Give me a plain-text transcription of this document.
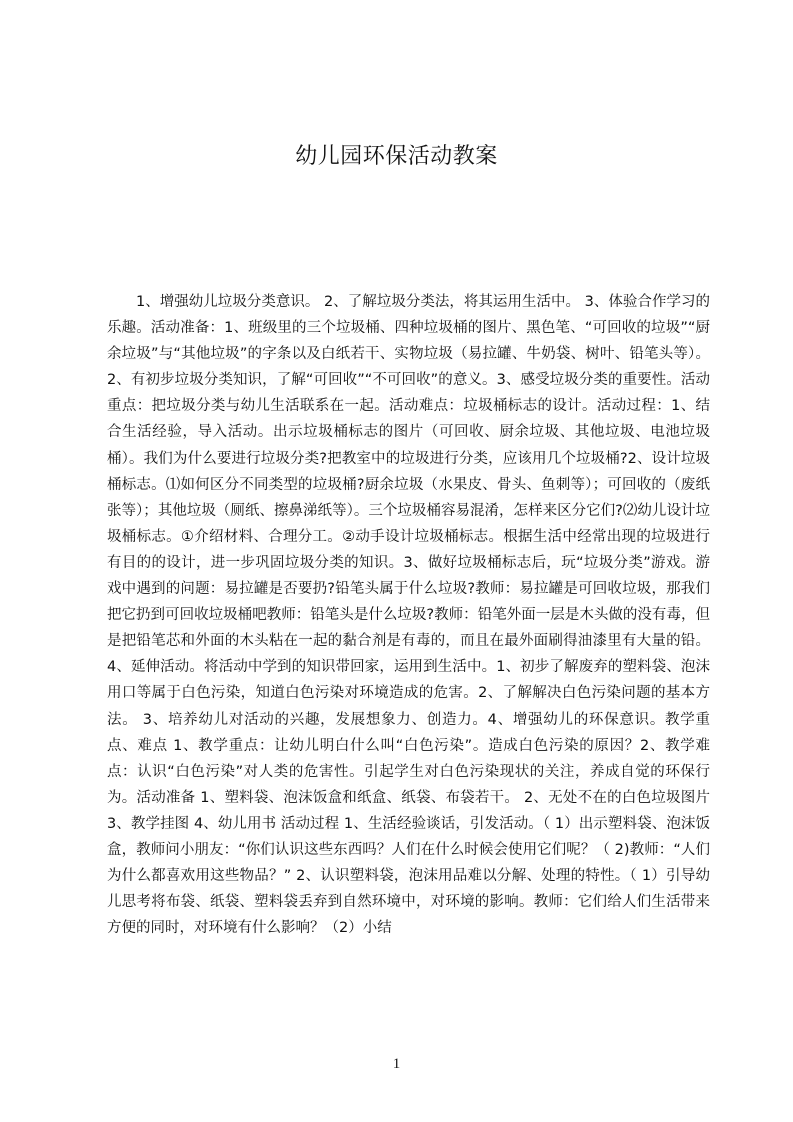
幼儿园环保活动教案
1、增强幼儿垃圾分类意识。 2、了解垃圾分类法，将其运用生活中。 3、体验合作学习的乐趣。活动准备：1、班级里的三个垃圾桶、四种垃圾桶的图片、黑色笔、“可回收的垃圾”“厨余垃圾”与“其他垃圾”的字条以及白纸若干、实物垃圾（易拉罐、牛奶袋、树叶、铅笔头等）。2、有初步垃圾分类知识，了解“可回收”“不可回收”的意义。3、感受垃圾分类的重要性。活动重点：把垃圾分类与幼儿生活联系在一起。活动难点：垃圾桶标志的设计。活动过程：1、结合生活经验，导入活动。出示垃圾桶标志的图片（可回收、厨余垃圾、其他垃圾、电池垃圾桶）。我们为什么要进行垃圾分类?把教室中的垃圾进行分类，应该用几个垃圾桶?2、设计垃圾桶标志。⑴如何区分不同类型的垃圾桶?厨余垃圾（水果皮、骨头、鱼刺等）；可回收的（废纸张等）；其他垃圾（厕纸、擦鼻涕纸等）。三个垃圾桶容易混淆，怎样来区分它们?⑵幼儿设计垃圾桶标志。①介绍材料、合理分工。②动手设计垃圾桶标志。根据生活中经常出现的垃圾进行有目的的设计，进一步巩固垃圾分类的知识。3、做好垃圾桶标志后，玩“垃圾分类”游戏。游戏中遇到的问题：易拉罐是否要扔?铅笔头属于什么垃圾?教师：易拉罐是可回收垃圾，那我们把它扔到可回收垃圾桶吧教师：铅笔头是什么垃圾?教师：铅笔外面一层是木头做的没有毒，但是把铅笔芯和外面的木头粘在一起的黏合剂是有毒的，而且在最外面刷得油漆里有大量的铅。4、延伸活动。将活动中学到的知识带回家，运用到生活中。1、初步了解废弃的塑料袋、泡沫用口等属于白色污染，知道白色污染对环境造成的危害。2、了解解决白色污染问题的基本方法。 3、培养幼儿对活动的兴趣，发展想象力、创造力。4、增强幼儿的环保意识。教学重点、难点 1、教学重点：让幼儿明白什么叫“白色污染”。造成白色污染的原因？2、教学难点：认识“白色污染”对人类的危害性。引起学生对白色污染现状的关注，养成自觉的环保行为。活动准备 1、塑料袋、泡沫饭盒和纸盒、纸袋、布袋若干。 2、无处不在的白色垃圾图片 3、教学挂图 4、幼儿用书 活动过程 1、生活经验谈话，引发活动。（ 1）出示塑料袋、泡沫饭盒，教师问小朋友：“你们认识这些东西吗？人们在什么时候会使用它们呢？（ 2)教师：“人们为什么都喜欢用这些物品？” 2、认识塑料袋，泡沫用品难以分解、处理的特性。（ 1）引导幼儿思考将布袋、纸袋、塑料袋丢弃到自然环境中，对环境的影响。教师：它们给人们生活带来方便的同时，对环境有什么影响？（2）小结
1
